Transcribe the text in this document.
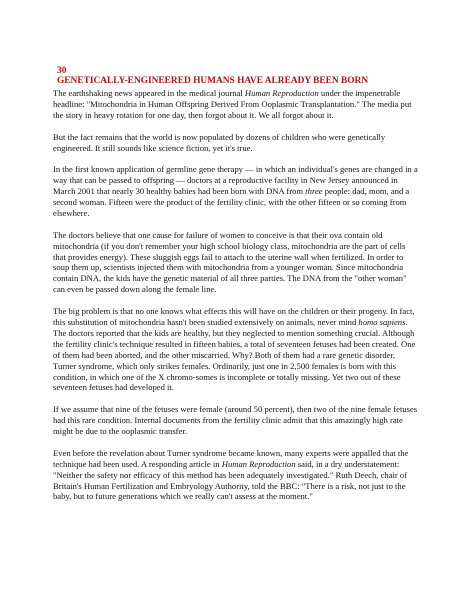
30
GENETICALLY-ENGINEERED HUMANS HAVE ALREADY BEEN BORN

The earthshaking news appeared in the medical journal Human Reproduction under the impenetrable headline: "Mitochondria in Human Offspring Derived From Ooplasmic Transplantation." The media put the story in heavy rotation for one day, then forgot about it. We all forgot about it.

But the fact remains that the world is now populated by dozens of children who were genetically engineered. It still sounds like science fiction, yet it's true.

In the first known application of germline gene therapy — in which an individual's genes are changed in a way that can be passed to offspring — doctors at a reproductive facility in New Jersey announced in March 2001 that nearly 30 healthy babies had been born with DNA from three people: dad, mom, and a second woman. Fifteen were the product of the fertility clinic, with the other fifteen or so coming from elsewhere.

The doctors believe that one cause for failure of women to conceive is that their ova contain old mitochondria (if you don't remember your high school biology class, mitochondria are the part of cells that provides energy). These sluggish eggs fail to attach to the uterine wall when fertilized. In order to soup them up, scientists injected them with mitochondria from a younger woman. Since mitochondria contain DNA, the kids have the genetic material of all three parties. The DNA from the "other woman" can even be passed down along the female line.

The big problem is that no one knows what effects this will have on the children or their progeny. In fact, this substitution of mitochondria hasn't been studied extensively on animals, never mind homo sapiens. The doctors reported that the kids are healthy, but they neglected to mention something crucial. Although the fertility clinic's technique resulted in fifteen babies, a total of seventeen fetuses had been created. One of them had been aborted, and the other miscarried. Why? Both of them had a rare genetic disorder, Turner syndrome, which only strikes females. Ordinarily, just one in 2,500 females is born with this condition, in which one of the X chromo-somes is incomplete or totally missing. Yet two out of these seventeen fetuses had developed it.

If we assume that nine of the fetuses were female (around 50 percent), then two of the nine female fetuses had this rare condition. Internal documents from the fertility clinic admit that this amazingly high rate might be due to the ooplasmic transfer.

Even before the revelation about Turner syndrome became known, many experts were appalled that the technique had been used. A responding article in Human Reproduction said, in a dry understatement: "Neither the safety nor efficacy of this method has been adequately investigated." Ruth Deech, chair of Britain's Human Fertilization and Embryology Authority, told the BBC: "There is a risk, not just to the baby, but to future generations which we really can't assess at the moment."
